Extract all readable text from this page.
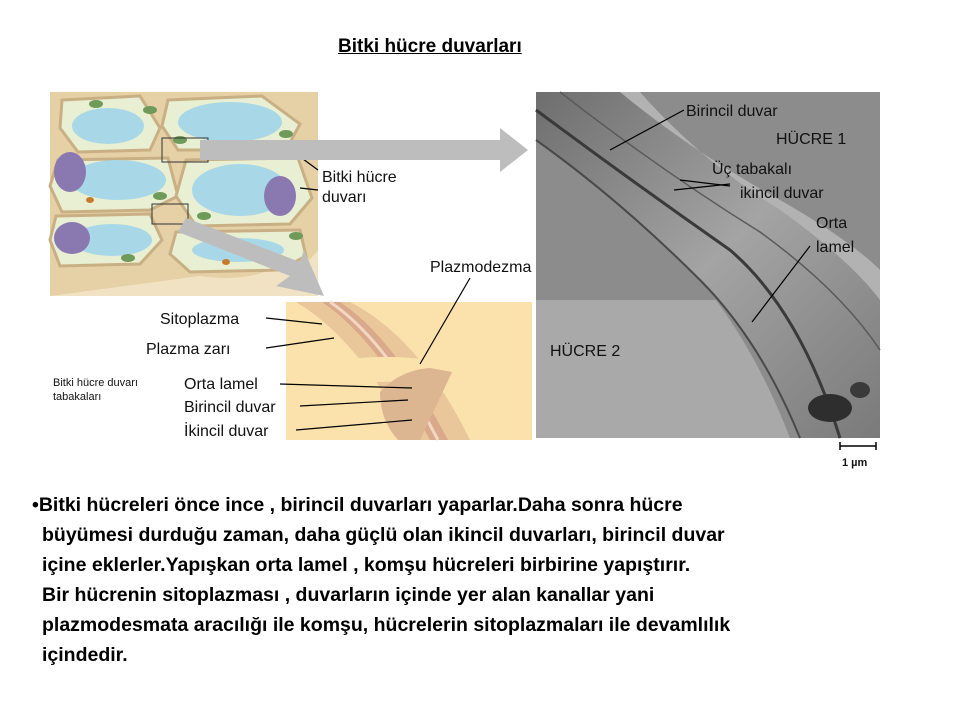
Bitki hücre duvarları
Bitki hücre
duvarı
Plazmodezma
Sitoplazma
Plazma zarı
Bitki hücre duvarı
tabakaları
Orta lamel
Birincil duvar
İkincil duvar
Birincil duvar
HÜCRE 1
Üç tabakalı
ikincil duvar
Orta
lamel
HÜCRE 2
1 µm
•Bitki hücreleri önce ince , birincil duvarları yaparlar.Daha sonra hücre
büyümesi durduğu zaman, daha güçlü olan ikincil duvarları, birincil duvar
içine eklerler.Yapışkan orta lamel , komşu hücreleri birbirine yapıştırır.
Bir hücrenin sitoplazması , duvarların içinde yer alan kanallar yani
plazmodesmata aracılığı ile komşu, hücrelerin sitoplazmaları ile devamlılık
içindedir.
